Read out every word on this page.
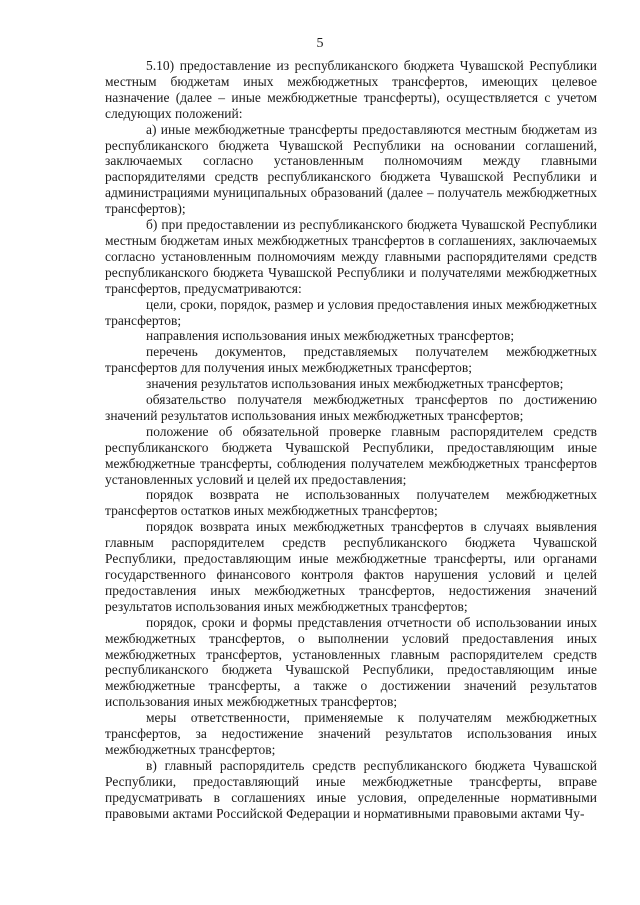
5

5.10) предоставление из республиканского бюджета Чувашской Республики местным бюджетам иных межбюджетных трансфертов, имеющих целевое назначение (далее – иные межбюджетные трансферты), осуществляется с учетом следующих положений:

а) иные межбюджетные трансферты предоставляются местным бюджетам из республиканского бюджета Чувашской Республики на основании соглашений, заключаемых согласно установленным полномочиям между главными распорядителями средств республиканского бюджета Чувашской Республики и администрациями муниципальных образований (далее – получатель межбюджетных трансфертов);

б) при предоставлении из республиканского бюджета Чувашской Республики местным бюджетам иных межбюджетных трансфертов в соглашениях, заключаемых согласно установленным полномочиям между главными распорядителями средств республиканского бюджета Чувашской Республики и получателями межбюджетных трансфертов, предусматриваются:

цели, сроки, порядок, размер и условия предоставления иных межбюджетных трансфертов;

направления использования иных межбюджетных трансфертов;

перечень документов, представляемых получателем межбюджетных трансфертов для получения иных межбюджетных трансфертов;

значения результатов использования иных межбюджетных трансфертов;

обязательство получателя межбюджетных трансфертов по достижению значений результатов использования иных межбюджетных трансфертов;

положение об обязательной проверке главным распорядителем средств республиканского бюджета Чувашской Республики, предоставляющим иные межбюджетные трансферты, соблюдения получателем межбюджетных трансфертов установленных условий и целей их предоставления;

порядок возврата не использованных получателем межбюджетных трансфертов остатков иных межбюджетных трансфертов;

порядок возврата иных межбюджетных трансфертов в случаях выявления главным распорядителем средств республиканского бюджета Чувашской Республики, предоставляющим иные межбюджетные трансферты, или органами государственного финансового контроля фактов нарушения условий и целей предоставления иных межбюджетных трансфертов, недостижения значений результатов использования иных межбюджетных трансфертов;

порядок, сроки и формы представления отчетности об использовании иных межбюджетных трансфертов, о выполнении условий предоставления иных межбюджетных трансфертов, установленных главным распорядителем средств республиканского бюджета Чувашской Республики, предоставляющим иные межбюджетные трансферты, а также о достижении значений результатов использования иных межбюджетных трансфертов;

меры ответственности, применяемые к получателям межбюджетных трансфертов, за недостижение значений результатов использования иных межбюджетных трансфертов;

в) главный распорядитель средств республиканского бюджета Чувашской Республики, предоставляющий иные межбюджетные трансферты, вправе предусматривать в соглашениях иные условия, определенные нормативными правовыми актами Российской Федерации и нормативными правовыми актами Чу-
